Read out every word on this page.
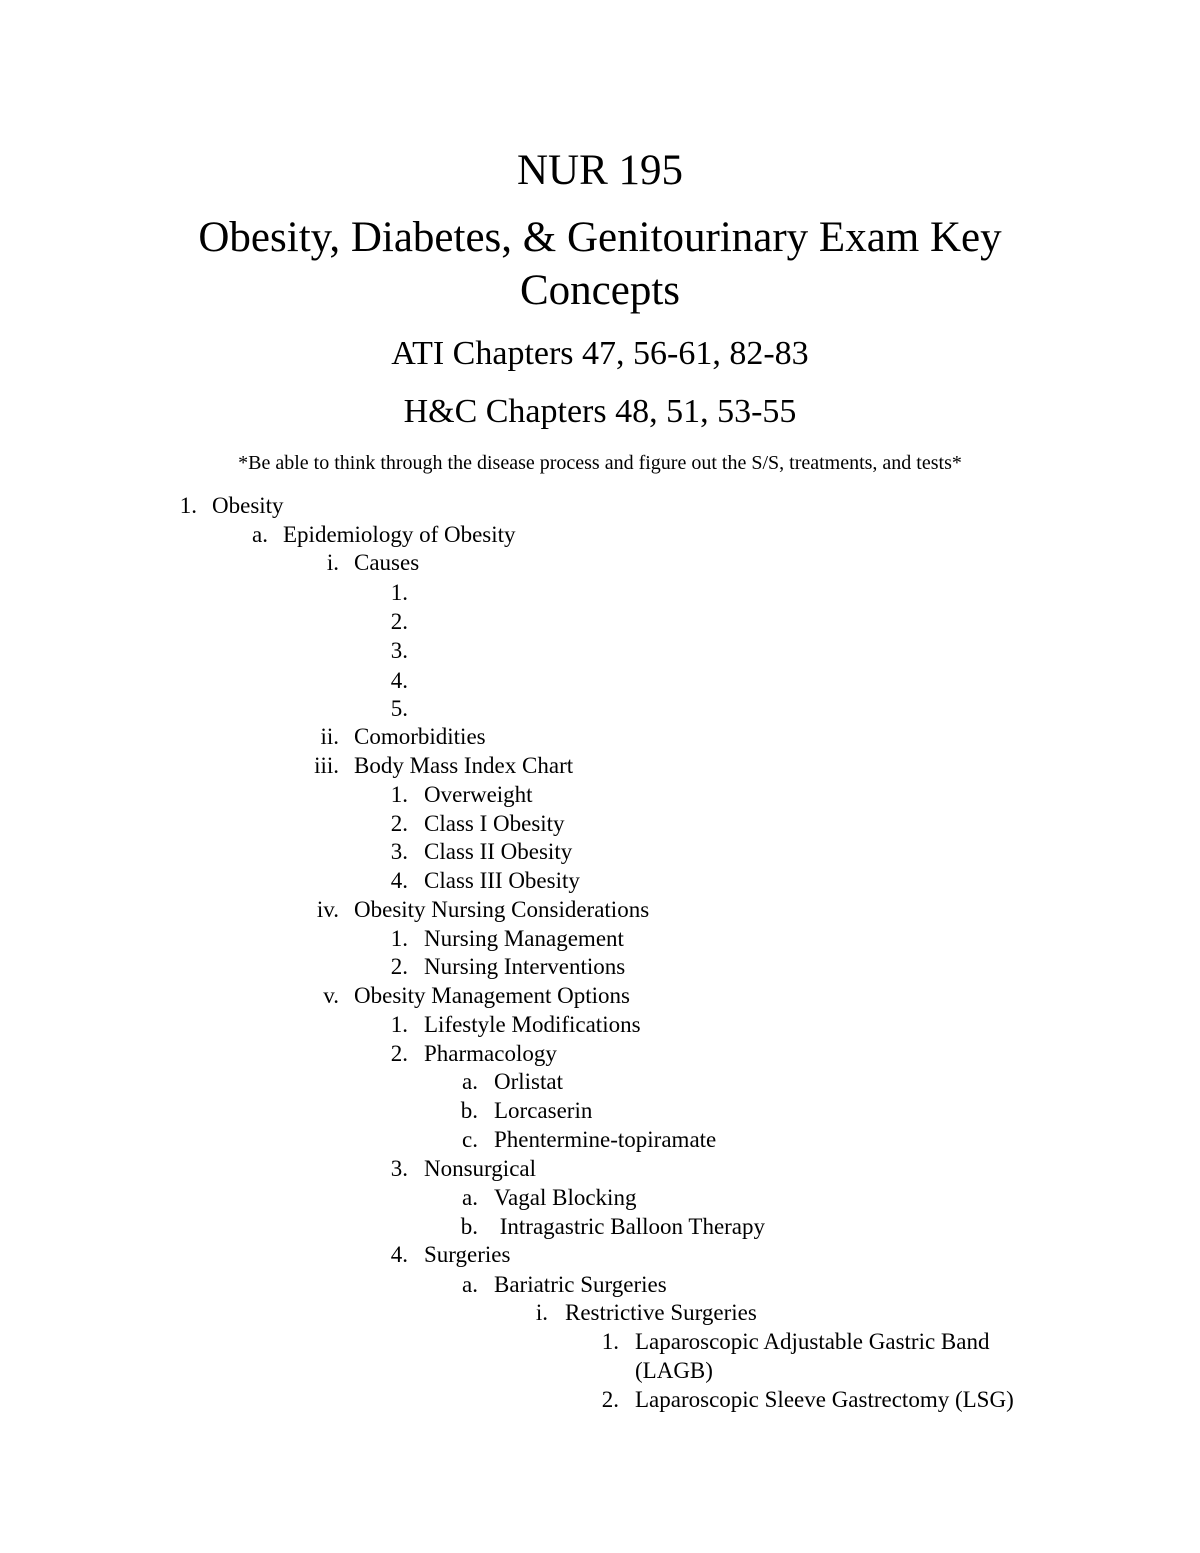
NUR 195
Obesity, Diabetes, & Genitourinary Exam Key
Concepts
ATI Chapters 47, 56-61, 82-83
H&C Chapters 48, 51, 53-55
*Be able to think through the disease process and figure out the S/S, treatments, and tests*
1. Obesity
a. Epidemiology of Obesity
i. Causes
1.
2.
3.
4.
5.
ii. Comorbidities
iii. Body Mass Index Chart
1. Overweight
2. Class I Obesity
3. Class II Obesity
4. Class III Obesity
iv. Obesity Nursing Considerations
1. Nursing Management
2. Nursing Interventions
v. Obesity Management Options
1. Lifestyle Modifications
2. Pharmacology
a. Orlistat
b. Lorcaserin
c. Phentermine-topiramate
3. Nonsurgical
a. Vagal Blocking
b. Intragastric Balloon Therapy
4. Surgeries
a. Bariatric Surgeries
i. Restrictive Surgeries
1. Laparoscopic Adjustable Gastric Band
(LAGB)
2. Laparoscopic Sleeve Gastrectomy (LSG)
